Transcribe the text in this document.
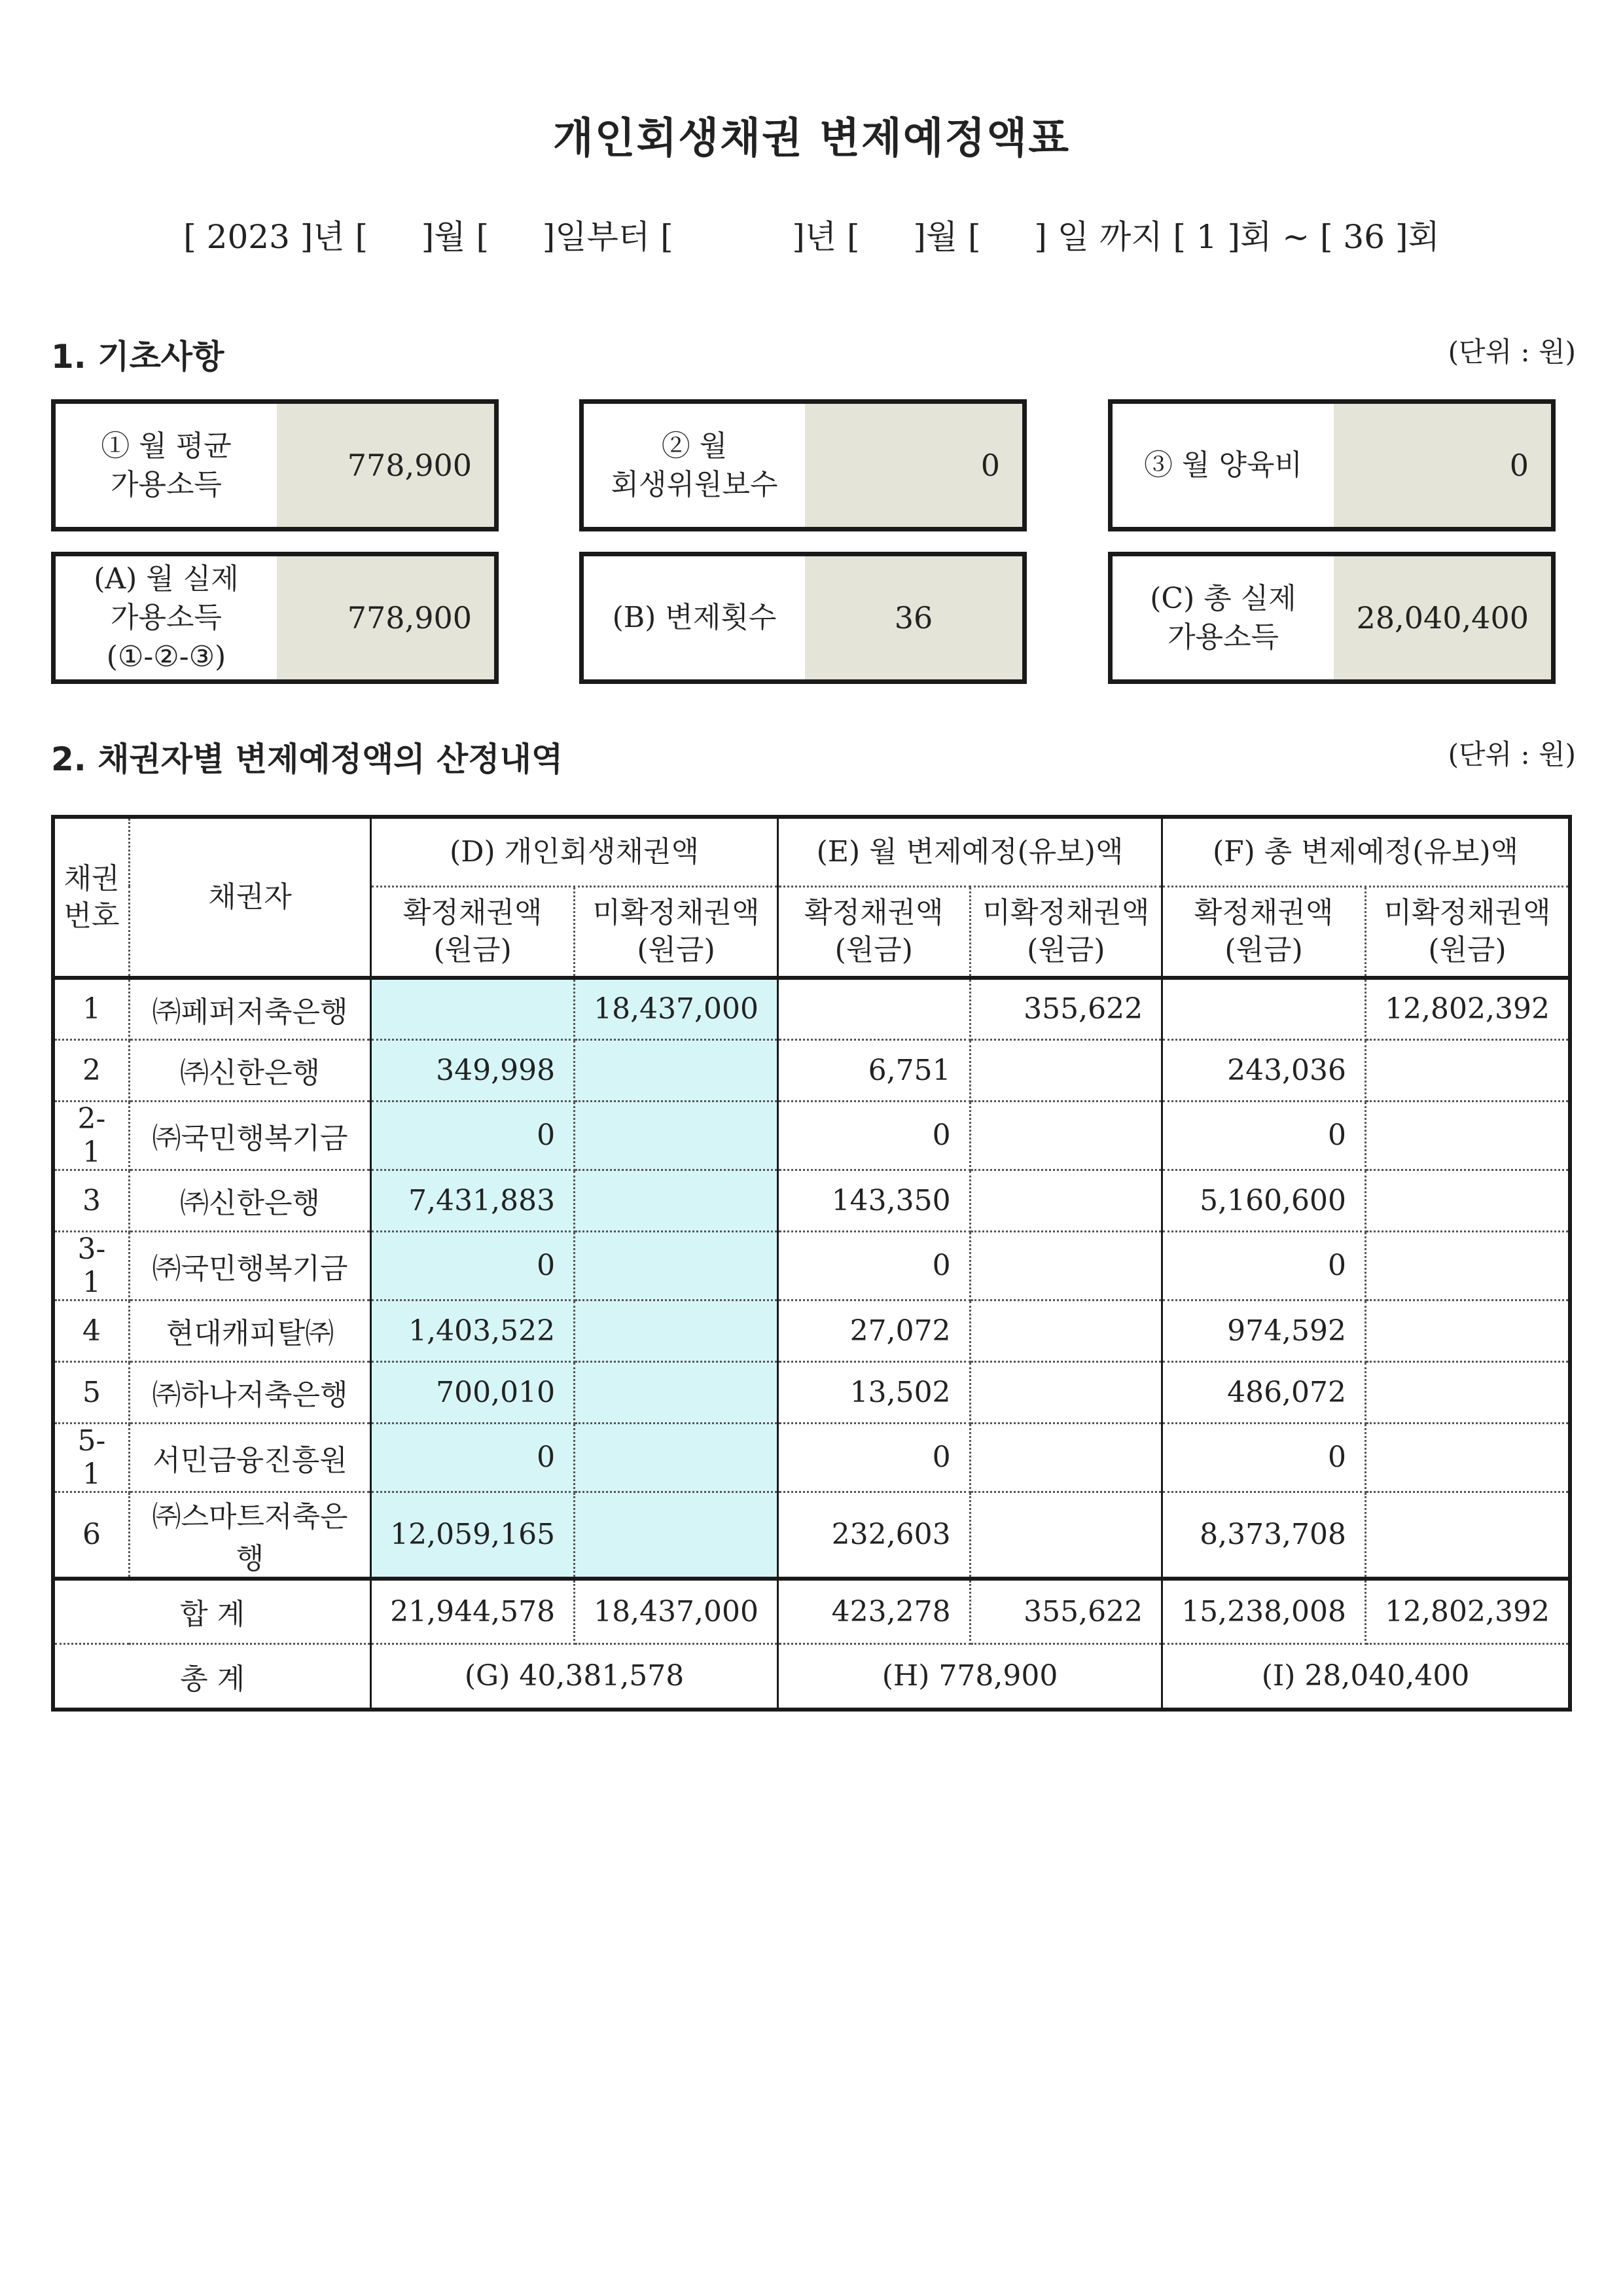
개인회생채권 변제예정액표
[ 2023 ]년 [ 　 ]월 [ 　 ]일부터 [ 　　　 ]년 [ 　 ]월 [ 　 ] 일 까지 [ 1 ]회 ~ [ 36 ]회
1. 기초사항	(단위 : 원)
① 월 평균
가용소득
778,900
② 월
회생위원보수
0	③ 월 양육비	0
(A) 월 실제
가용소득
(①-②-③)
778,900	(B) 변제횟수	36
(C) 총 실제
가용소득
28,040,400
2. 채권자별 변제예정액의 산정내역	(단위 : 원)
채권
번호	채권자	(D) 개인회생채권액		(E) 월 변제예정(유보)액		(F) 총 변제예정(유보)액	
		확정채권액
(원금)	미확정채권액
(원금)	확정채권액
(원금)	미확정채권액
(원금)	확정채권액
(원금)	미확정채권액
(원금)
1	㈜페퍼저축은행		18,437,000		355,622		12,802,392
2	㈜신한은행	349,998		6,751		243,036	
2-1	㈜국민행복기금	0		0		0	
3	㈜신한은행	7,431,883		143,350		5,160,600	
3-1	㈜국민행복기금	0		0		0	
4	현대캐피탈㈜	1,403,522		27,072		974,592	
5	㈜하나저축은행	700,010		13,502		486,072	
5-1	서민금융진흥원	0		0		0	
6	㈜스마트저축은행	12,059,165		232,603		8,373,708	
합 계		21,944,578	18,437,000	423,278	355,622	15,238,008	12,802,392
총 계		(G) 40,381,578		(H) 778,900		(I) 28,040,400	
